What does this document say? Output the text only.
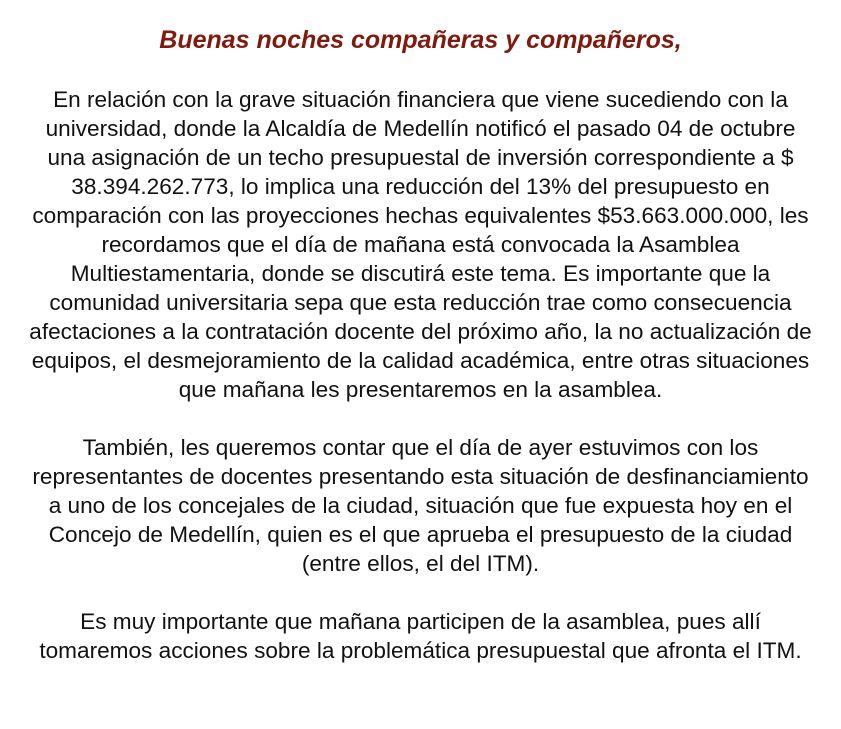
Buenas noches compañeras y compañeros,

En relación con la grave situación financiera que viene sucediendo con la universidad, donde la Alcaldía de Medellín notificó el pasado 04 de octubre una asignación de un techo presupuestal de inversión correspondiente a $ 38.394.262.773, lo implica una reducción del 13% del presupuesto en comparación con las proyecciones hechas equivalentes $53.663.000.000, les recordamos que el día de mañana está convocada la Asamblea Multiestamentaria, donde se discutirá este tema. Es importante que la comunidad universitaria sepa que esta reducción trae como consecuencia afectaciones a la contratación docente del próximo año, la no actualización de equipos, el desmejoramiento de la calidad académica, entre otras situaciones que mañana les presentaremos en la asamblea.

También, les queremos contar que el día de ayer estuvimos con los representantes de docentes presentando esta situación de desfinanciamiento a uno de los concejales de la ciudad, situación que fue expuesta hoy en el Concejo de Medellín, quien es el que aprueba el presupuesto de la ciudad (entre ellos, el del ITM).

Es muy importante que mañana participen de la asamblea, pues allí tomaremos acciones sobre la problemática presupuestal que afronta el ITM.
